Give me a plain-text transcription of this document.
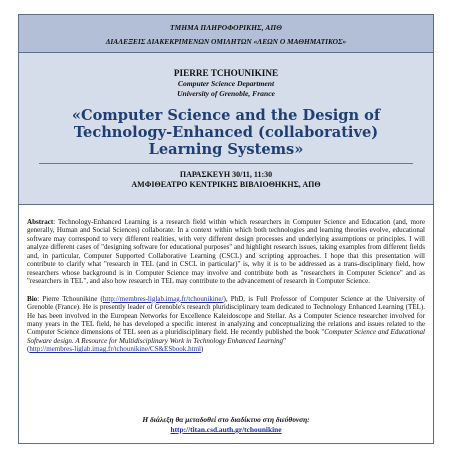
ΤΜΗΜΑ ΠΛΗΡΟΦΟΡΙΚΗΣ, ΑΠΘ
ΔΙΑΛΕΞΕΙΣ ΔΙΑΚΕΚΡΙΜΕΝΩΝ ΟΜΙΛΗΤΩΝ «ΛΕΩΝ Ο ΜΑΘΗΜΑΤΙΚΟΣ»
PIERRE TCHOUNIKINE
Computer Science Department
University of Grenoble, France
«Computer Science and the Design of Technology-Enhanced (collaborative) Learning Systems»
ΠΑΡΑΣΚΕΥΗ 30/11, 11:30
ΑΜΦΙΘΕΑΤΡΟ ΚΕΝΤΡΙΚΗΣ ΒΙΒΛΙΟΘΗΚΗΣ, ΑΠΘ

Abstract: Technology-Enhanced Learning is a research field within which researchers in Computer Science and Education (and, more generally, Human and Social Sciences) collaborate. In a context within which both technologies and learning theories evolve, educational software may correspond to very different realities, with very different design processes and underlying assumptions or principles. I will analyze different cases of "designing software for educational purposes" and highlight research issues, taking examples from different fields and, in particular, Computer Supported Collaborative Learning (CSCL) and scripting approaches. I hope that this presentation will contribute to clarify what "research in TEL (and in CSCL in particular)" is, why it is to be addressed as a trans-disciplinary field, how researchers whose background is in Computer Science may involve and contribute both as "researchers in Computer Science" and as "researchers in TEL", and also how research in TEL may contribute to the advancement of research in Computer Science.

Bio: Pierre Tchounikine (http://membres-liglab.imag.fr/tchounikine/), PhD, is Full Professor of Computer Science at the University of Grenoble (France). He is presently leader of Grenoble's research pluridisciplinary team dedicated to Technology Enhanced Learning (TEL). He has been involved in the European Networks for Excellence Kaleidoscope and Stellar. As a Computer Science researcher involved for many years in the TEL field, he has developed a specific interest in analyzing and conceptualizing the relations and issues related to the Computer Science dimensions of TEL seen as a pluridisciplinary field. He recently published the book "Computer Science and Educational Software design. A Resource for Multidisciplinary Work in Technology Enhanced Learning"
(http://membres-liglab.imag.fr/tchounikine/CS&ESbook.html)

Η διάλεξη θα μεταδοθεί στο διαδίκτυο στη διεύθυνση:
http://titan.csd.auth.gr/tchounikine
